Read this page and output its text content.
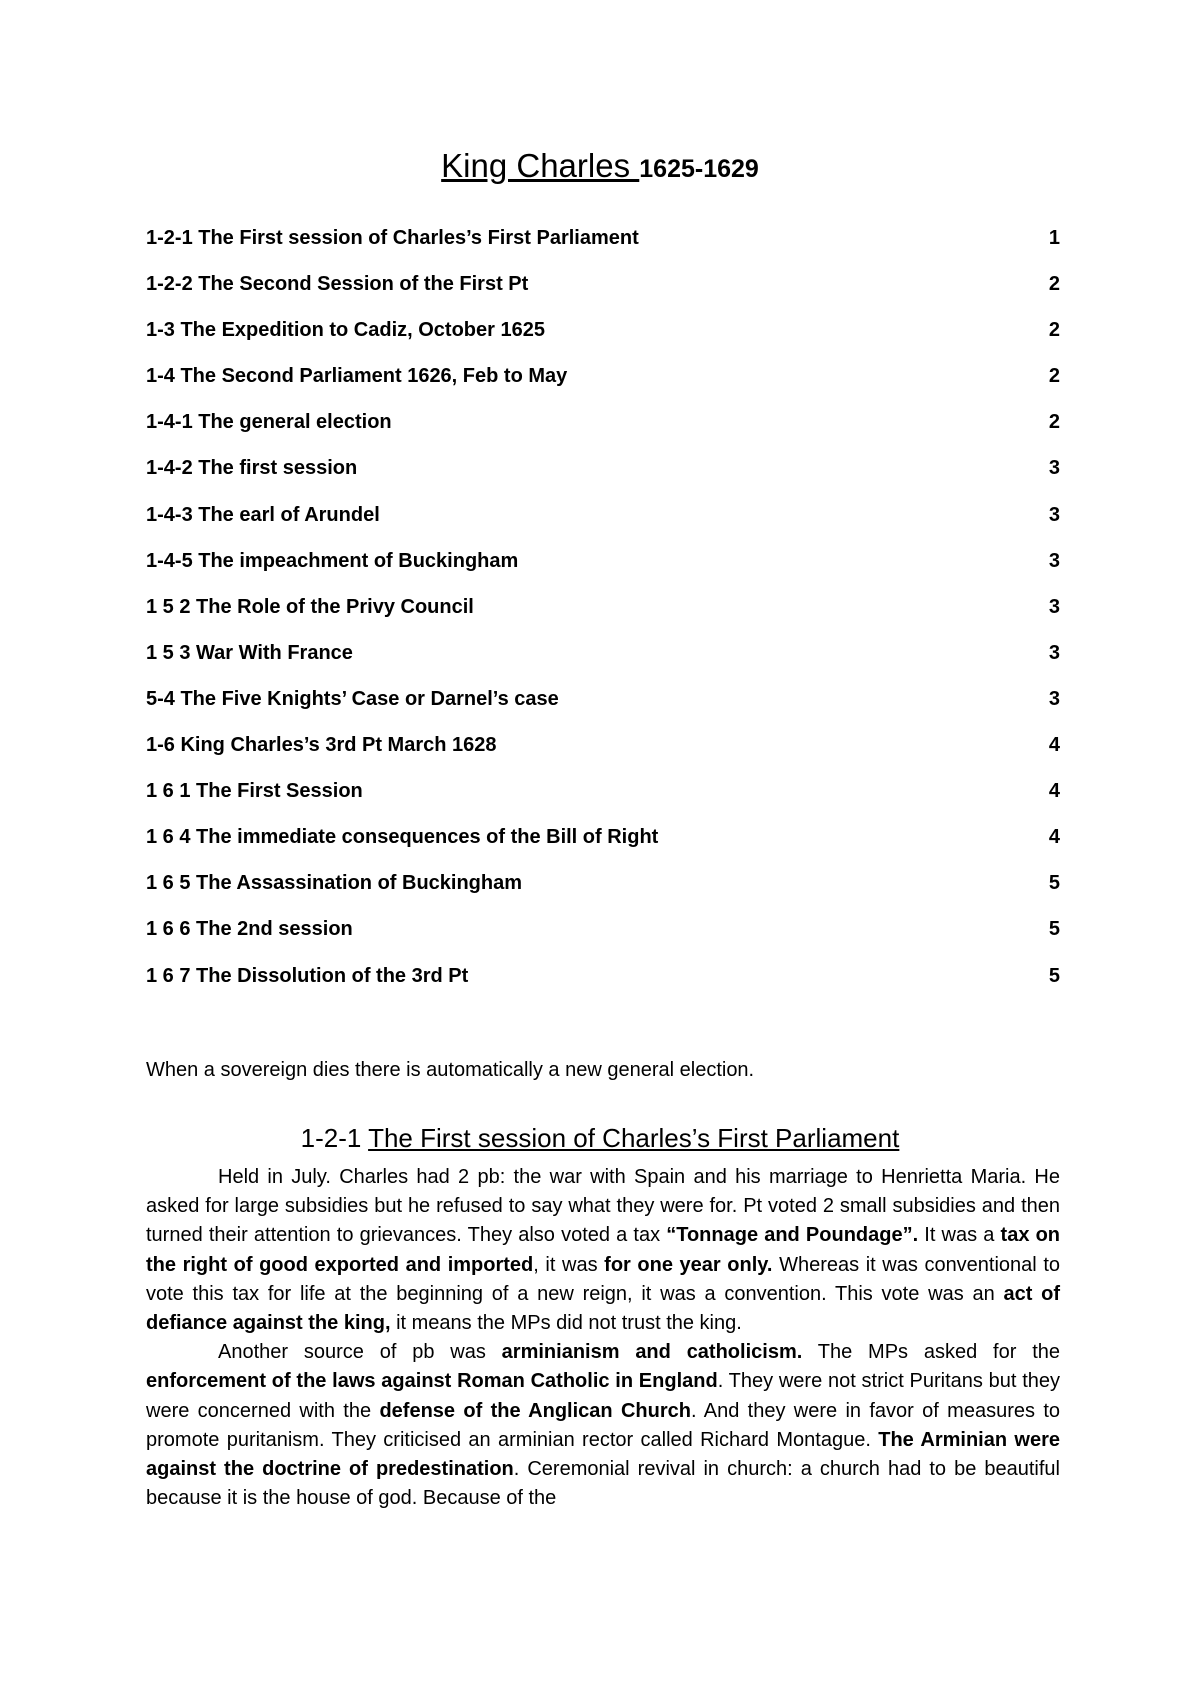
King Charles 1625-1629
1-2-1 The First session of Charles’s First Parliament	1
1-2-2 The Second Session of the First Pt	2
1-3 The Expedition to Cadiz, October 1625	2
1-4 The Second Parliament 1626, Feb to May	2
1-4-1 The general election	2
1-4-2 The first session	3
1-4-3 The earl of Arundel	3
1-4-5 The impeachment of Buckingham	3
1 5 2 The Role of the Privy Council	3
1 5 3 War With France	3
5-4 The Five Knights’ Case or Darnel’s case	3
1-6 King Charles’s 3rd Pt March 1628	4
1 6 1 The First Session	4
1 6 4 The immediate consequences of the Bill of Right	4
1 6 5 The Assassination of Buckingham	5
1 6 6 The 2nd session	5
1 6 7 The Dissolution of the 3rd Pt	5
When a sovereign dies there is automatically a new general election.
1-2-1 The First session of Charles’s First Parliament

Held in July. Charles had 2 pb: the war with Spain and his marriage to Henrietta Maria. He asked for large subsidies but he refused to say what they were for. Pt voted 2 small subsidies and then turned their attention to grievances. They also voted a tax “Tonnage and Poundage”. It was a tax on the right of good exported and imported, it was for one year only. Whereas it was conventional to vote this tax for life at the beginning of a new reign, it was a convention. This vote was an act of defiance against the king, it means the MPs did not trust the king.

Another source of pb was arminianism and catholicism. The MPs asked for the enforcement of the laws against Roman Catholic in England. They were not strict Puritans but they were concerned with the defense of the Anglican Church. And they were in favor of measures to promote puritanism. They criticised an arminian rector called Richard Montague. The Arminian were against the doctrine of predestination. Ceremonial revival in church: a church had to be beautiful because it is the house of god. Because of the
